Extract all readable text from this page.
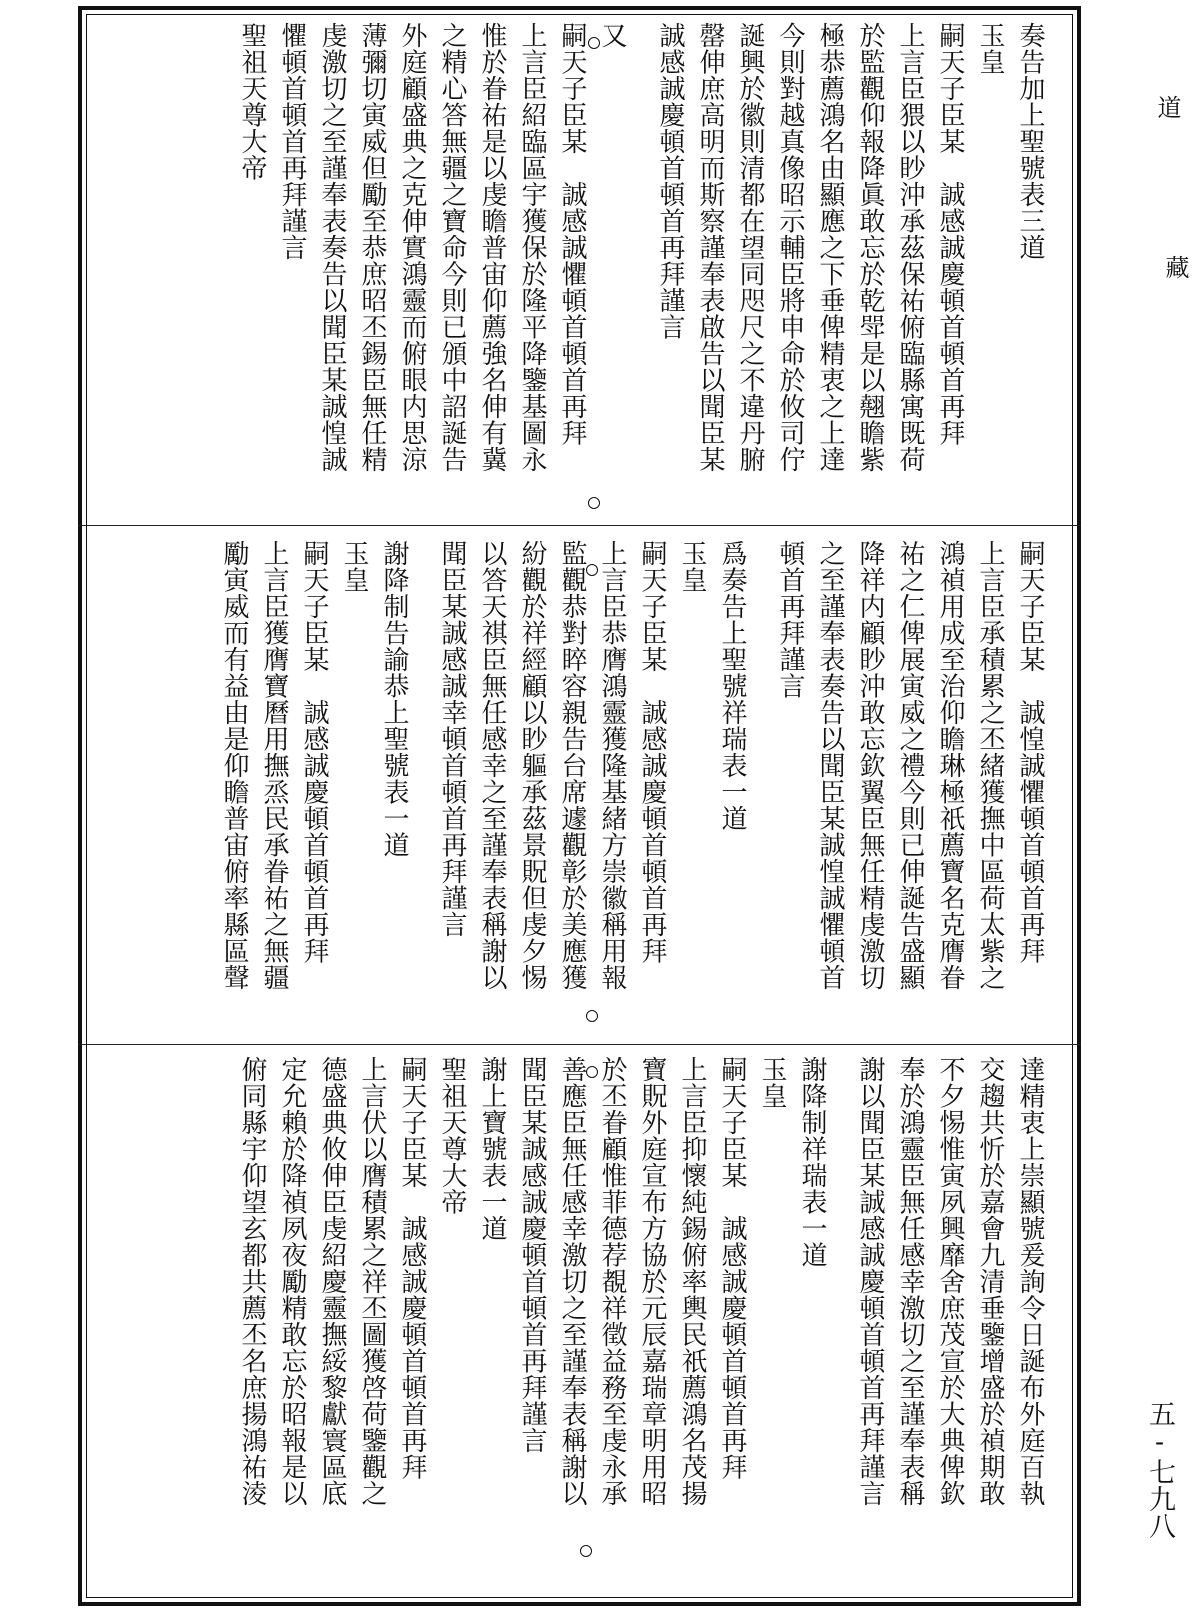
奏告加上聖號表三道
玉皇
嗣天子臣某　誠感誠慶頓首頓首再拜
上言臣猥以眇沖承茲保祐俯臨縣寓既荷
於監觀仰報降眞敢忘於乾斝是以翹瞻紫
極恭薦鴻名由顯應之下垂俾精衷之上達
今則對越真像昭示輔臣將申命於攸司佇
誕興於徽則清都在望同咫尺之不違丹腑
罄伸庶高明而斯察謹奉表啟告以聞臣某
誠感誠慶頓首頓首再拜謹言
又
嗣天子臣某　誠感誠懼頓首頓首再拜
上言臣紹臨區宇獲保於隆平降鑒基圖永
惟於眷祐是以虔瞻普宙仰薦強名伸有冀
之精心答無疆之寶命今則已頒中詔誕告
外庭顧盛典之克伸實鴻靈而俯眼内思涼
薄彌切寅威但勵至恭庶昭丕錫臣無任精
虔激切之至謹奉表奏告以聞臣某誠惶誠
懼頓首頓首再拜謹言
聖祖天尊大帝
嗣天子臣某　誠惶誠懼頓首頓首再拜
上言臣承積累之丕緒獲撫中區荷太紫之
鴻禎用成至治仰瞻琳極祇薦寶名克膺眷
祐之仁俾展寅威之禮今則已伸誕告盛顯
降祥内顧眇沖敢忘欽翼臣無任精虔激切
之至謹奉表奏告以聞臣某誠惶誠懼頓首
頓首再拜謹言
爲奏告上聖號祥瑞表一道
玉皇
嗣天子臣某　誠感誠慶頓首頓首再拜
上言臣恭膺鴻靈獲隆基緒方崇徽稱用報
監觀恭對睟容親告台席遽觀彰於美應獲
紛觀於祥經顧以眇軀承茲景貺但虔夕惕
以答天祺臣無任感幸之至謹奉表稱謝以
聞臣某誠感誠幸頓首頓首再拜謹言
謝降制告諭恭上聖號表一道
玉皇
嗣天子臣某　誠感誠慶頓首頓首再拜
上言臣獲膺寶曆用撫烝民承眷祐之無疆
勵寅威而有益由是仰瞻普宙俯率縣區聲
達精衷上崇顯號爰詢令日誕布外庭百執
交趨共忻於嘉會九清垂鑒增盛於禎期敢
不夕惕惟寅夙興靡舍庶茂宣於大典俾欽
奉於鴻靈臣無任感幸激切之至謹奉表稱
謝以聞臣某誠感誠慶頓首頓首再拜謹言
謝降制祥瑞表一道
玉皇
嗣天子臣某　誠感誠慶頓首頓首再拜
上言臣抑懷純錫俯率輿民祇薦鴻名茂揚
寶貺外庭宣布方協於元辰嘉瑞章明用昭
於丕眷顧惟菲德荐覩祥徵益務至虔永承
善應臣無任感幸激切之至謹奉表稱謝以
聞臣某誠感誠慶頓首頓首再拜謹言
謝上寶號表一道
聖祖天尊大帝
嗣天子臣某　誠感誠慶頓首頓首再拜
上言伏以膺積累之祥丕圖獲啓荷鑒觀之
德盛典攸伸臣虔紹慶靈撫綏黎獻寰區底
定允賴於降禎夙夜勵精敢忘於昭報是以
俯同縣宇仰望玄都共薦丕名庶揚鴻祐淩
道
藏
五-七九八
